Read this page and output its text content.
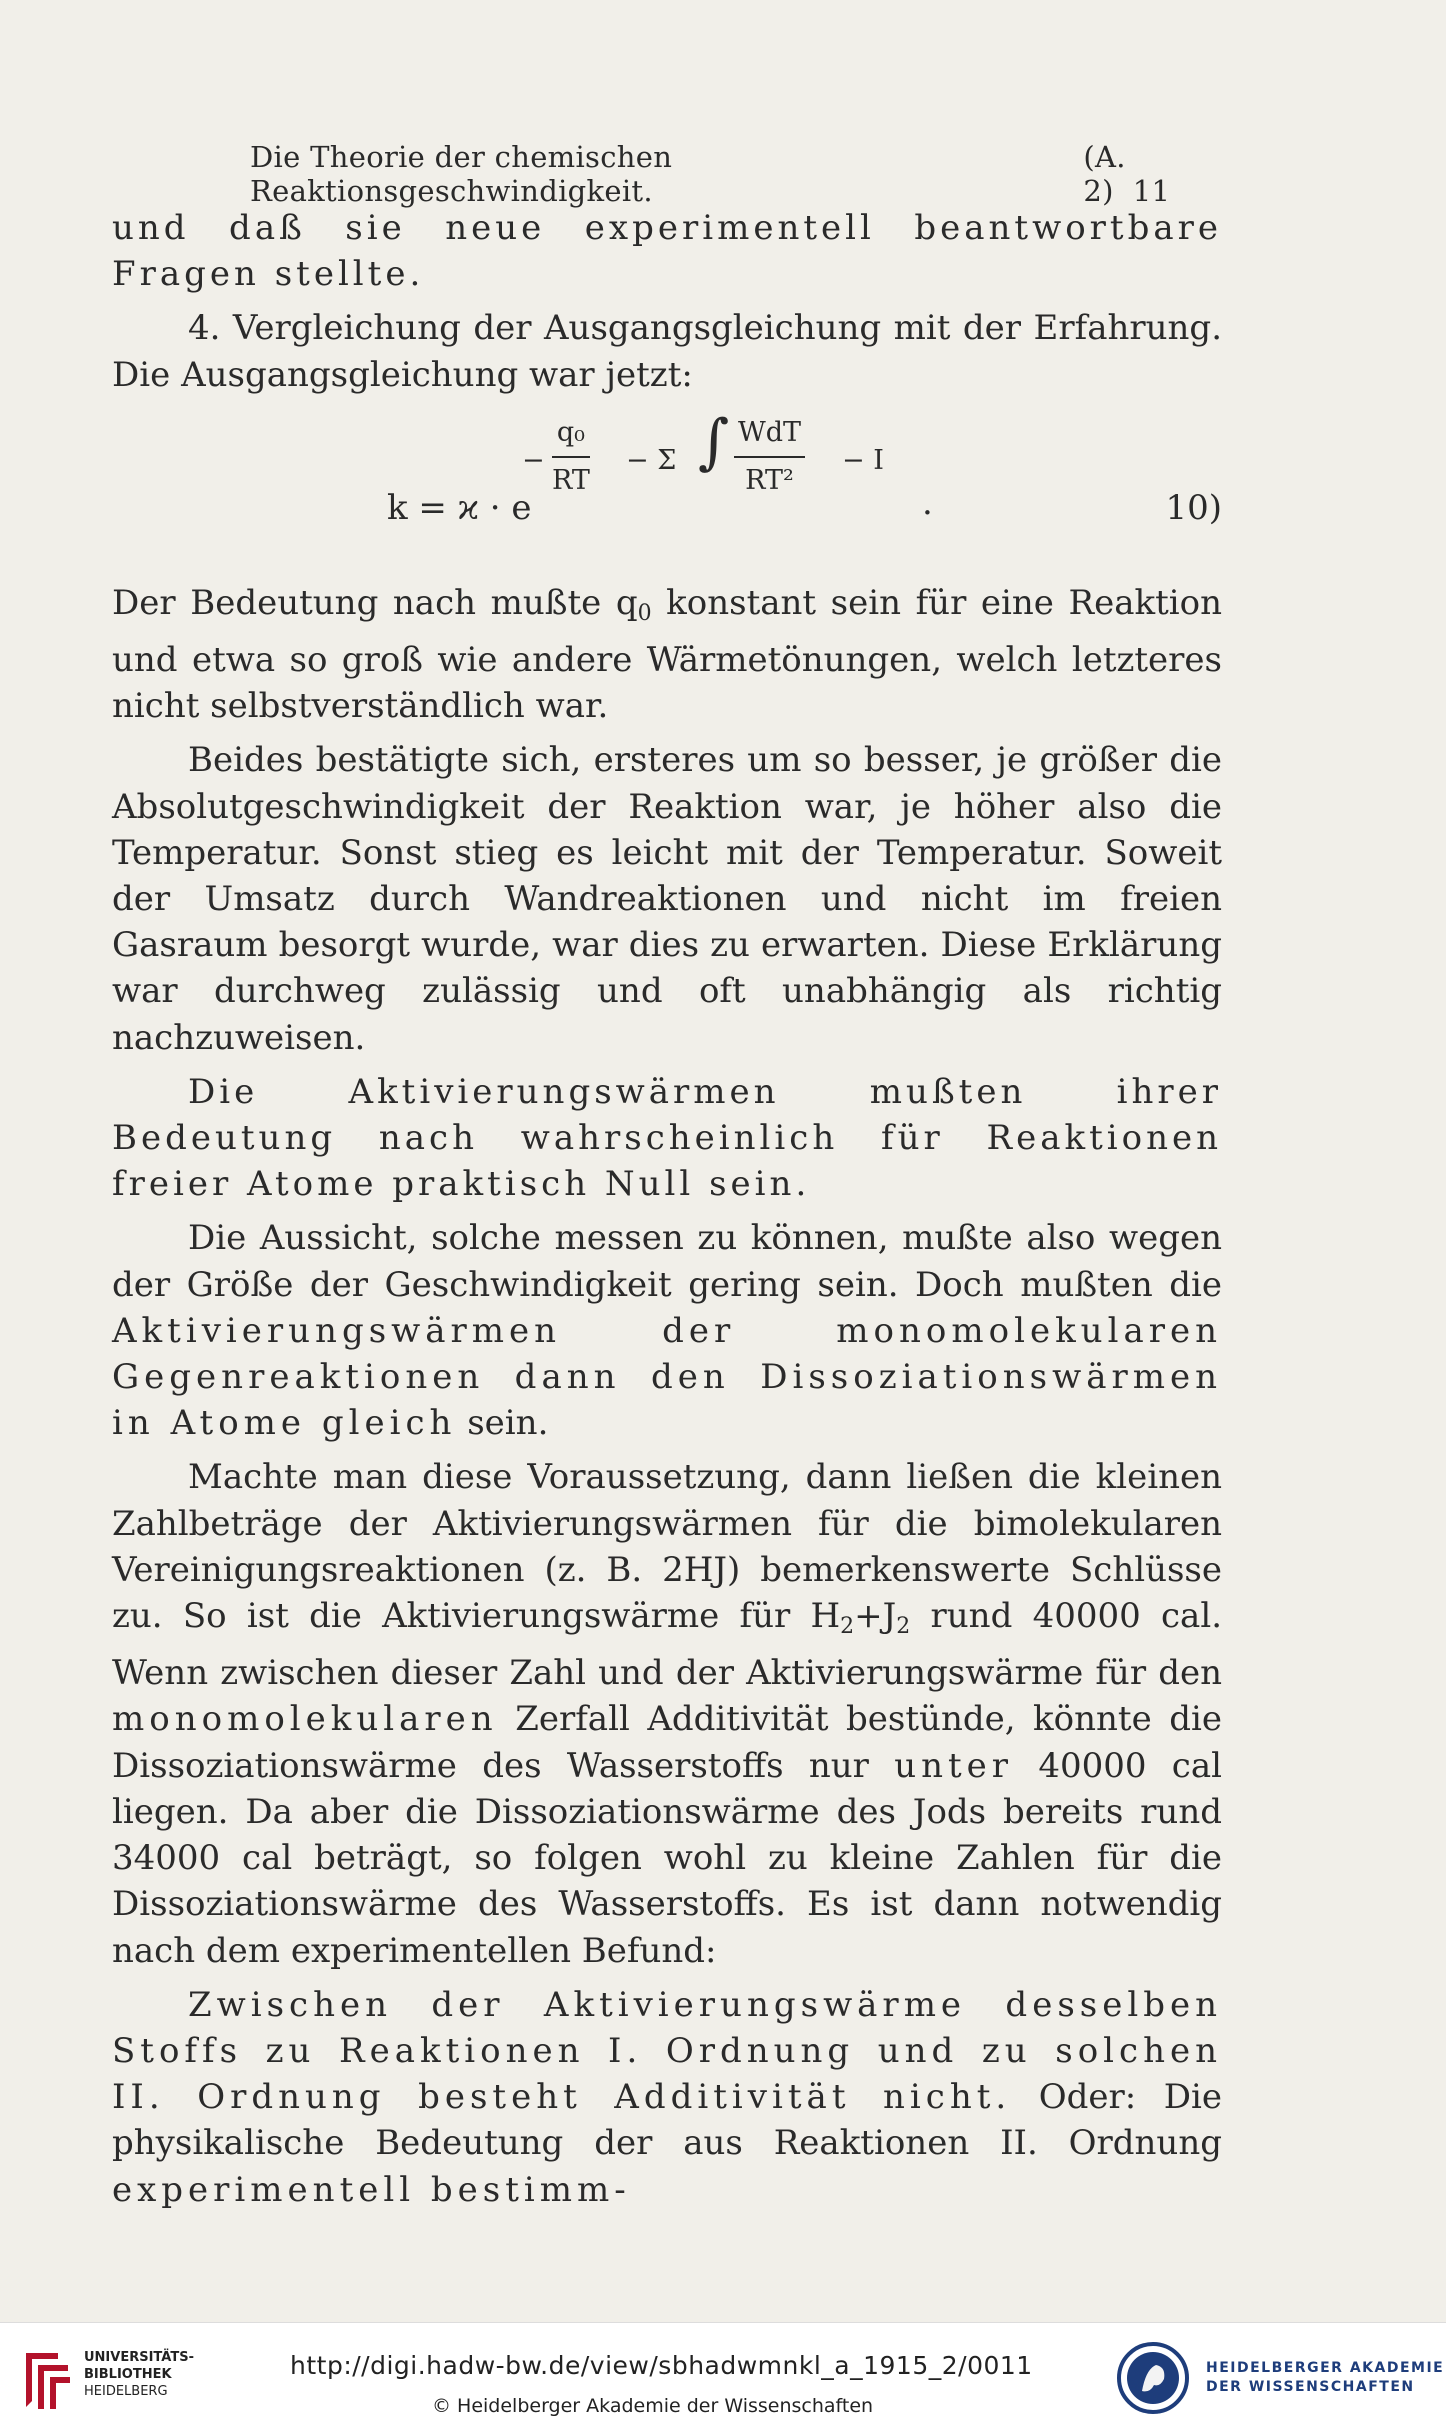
Die Theorie der chemischen Reaktionsgeschwindigkeit.
(A. 2) 11

und daß sie neue experimentell beantwortbare Fragen stellte.

4. Vergleichung der Ausgangsgleichung mit der Erfahrung. Die Ausgangsgleichung war jetzt:

k = ϰ · e
− $\frac{\text{q₀}}{RT} - \Sigma$ ∫ WdT
RT²
− I
.	10)

Der Bedeutung nach mußte $q_0$ konstant sein für eine Reaktion und etwa so groß wie andere Wärmetönungen, welch letzteres nicht selbstverständlich war.

Beides bestätigte sich, ersteres um so besser, je größer die Absolutgeschwindigkeit der Reaktion war, je höher also die Temperatur. Sonst stieg es leicht mit der Temperatur. Soweit der Umsatz durch Wandreaktionen und nicht im freien Gasraum besorgt wurde, war dies zu erwarten. Diese Erklärung war durchweg zulässig und oft unabhängig als richtig nachzuweisen.

Die Aktivierungswärmen mußten ihrer Bedeutung nach wahrscheinlich für Reaktionen freier Atome praktisch Null sein.

Die Aussicht, solche messen zu können, mußte also wegen der Größe der Geschwindigkeit gering sein. Doch mußten die Aktivierungswärmen der monomolekularen Gegenreaktionen dann den Dissoziationswärmen in Atome gleich sein.

Machte man diese Voraussetzung, dann ließen die kleinen Zahlbeträge der Aktivierungswärmen für die bimolekularen Vereinigungsreaktionen (z. B. 2HJ) bemerkenswerte Schlüsse zu. So ist die Aktivierungswärme für $H_2+J_2$ rund 40000 cal. Wenn zwischen dieser Zahl und der Aktivierungswärme für den monomolekularen Zerfall Additivität bestünde, könnte die Dissoziationswärme des Wasserstoffs nur unter 40000 cal liegen. Da aber die Dissoziationswärme des Jods bereits rund 34000 cal beträgt, so folgen wohl zu kleine Zahlen für die Dissoziationswärme des Wasserstoffs. Es ist dann notwendig nach dem experimentellen Befund:

Zwischen der Aktivierungswärme desselben Stoffs zu Reaktionen I. Ordnung und zu solchen II. Ordnung besteht Additivität nicht. Oder: Die physikalische Bedeutung der aus Reaktionen II. Ordnung experimentell bestimm-

UNIVERSITÄTS-
BIBLIOTHEK
HEIDELBERG
http://digi.hadw-bw.de/view/sbhadwmnkl_a_1915_2/0011
© Heidelberger Akademie der Wissenschaften
HEIDELBERGER AKADEMIE
DER WISSENSCHAFTEN
